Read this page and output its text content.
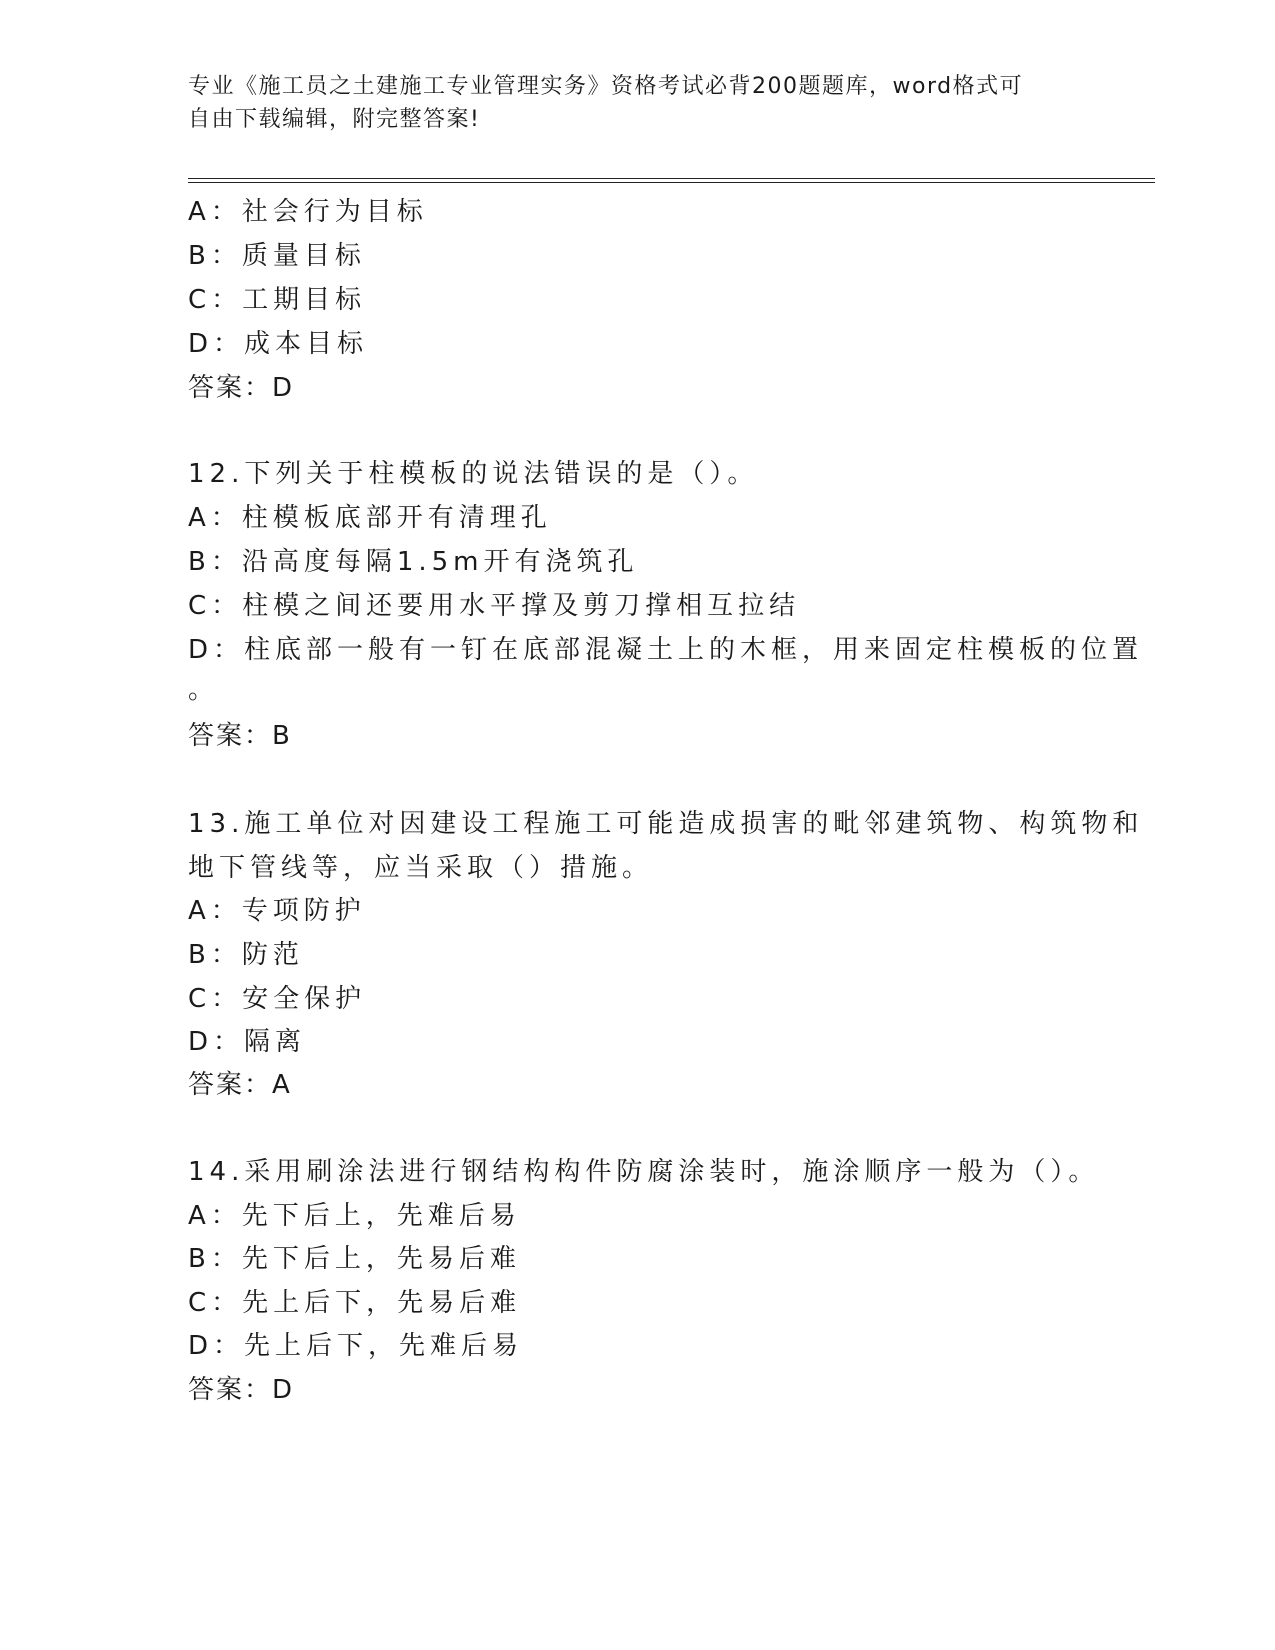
专业《施工员之土建施工专业管理实务》资格考试必背200题题库，word格式可
自由下载编辑，附完整答案!
A：社会行为目标
B：质量目标
C：工期目标
D：成本目标
答案：D
12.下列关于柱模板的说法错误的是（）。
A：柱模板底部开有清理孔
B：沿高度每隔1.5m开有浇筑孔
C：柱模之间还要用水平撑及剪刀撑相互拉结
D：柱底部一般有一钉在底部混凝土上的木框，用来固定柱模板的位置
。
答案：B
13.施工单位对因建设工程施工可能造成损害的毗邻建筑物、构筑物和
地下管线等，应当采取（）措施。
A：专项防护
B：防范
C：安全保护
D：隔离
答案：A
14.采用刷涂法进行钢结构构件防腐涂装时，施涂顺序一般为（）。
A：先下后上，先难后易
B：先下后上，先易后难
C：先上后下，先易后难
D：先上后下，先难后易
答案：D
